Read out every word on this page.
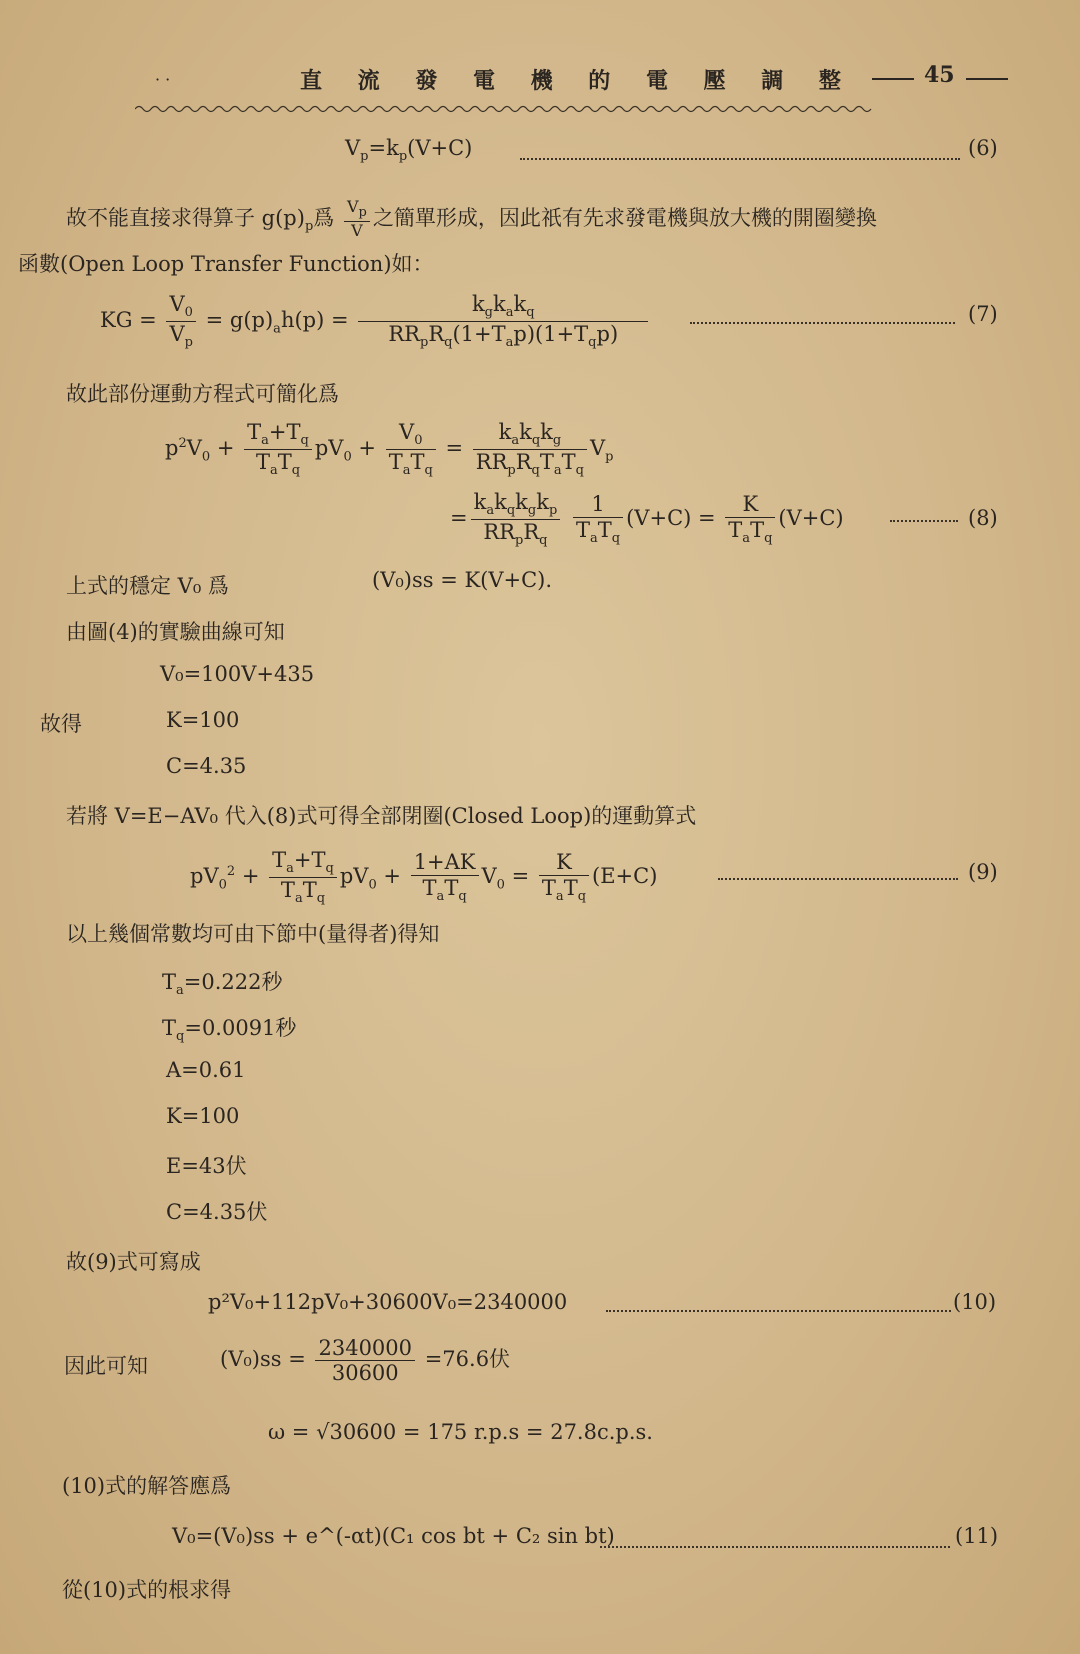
· ·	直 流 發 電 機 的 電 壓 調 整	45
$V_p=k_p(V+C)$	(6)
故不能直接求得算子 $g(p)_p$爲 $\frac{V_p}{V}$ 之簡單形成，因此祇有先求發電機與放大機的開圈變換
函數(Open Loop Transfer Function)如：
KG = $\frac{V_0}{V_p} = g(p)_ah(p) = \frac{k_gk_ak_q}{RR_pR_q(1+T_ap)(1+T_qp)}$	(7)
故此部份運動方程式可簡化爲
$p^2V_0 + \frac{T_a+T_q}{T_aT_q} pV_0 + \frac{V_0}{T_aT_q} = \frac{k_ak_qk_g}{RR_pR_qT_aT_q} V_p$
= $\frac{k_ak_qk_gk_p}{RR_pR_q}$
$\frac{1}{T_aT_q} (V+C) = \frac{K}{T_aT_q} (V+C)$	(8)
上式的穩定 V₀ 爲	(V₀)ss = K(V+C).
由圖(4)的實驗曲線可知
V₀=100V+435
故得	K=100
C=4.35
若將 V=E−AV₀ 代入(8)式可得全部閉圈(Closed Loop)的運動算式
$pV_0^2 + \frac{T_a+T_q}{T_aT_q} pV_0 + \frac{1+AK}{T_aT_q} V_0 = \frac{K}{T_aT_q} (E+C)$	(9)
以上幾個常數均可由下節中(量得者)得知
$T_a=0.222$秒
$T_q=0.0091$秒
A=0.61
K=100
E=43伏
C=4.35伏
故(9)式可寫成
p²V₀+112pV₀+30600V₀=2340000	(10)
因此可知	$(V_0)ss = \frac{2340000}{30600} =76.6$伏
ω = √30600 = 175 r.p.s = 27.8c.p.s.
(10)式的解答應爲
V₀=(V₀)ss + e^(-αt)(C₁ cos bt + C₂ sin bt)	(11)
從(10)式的根求得
